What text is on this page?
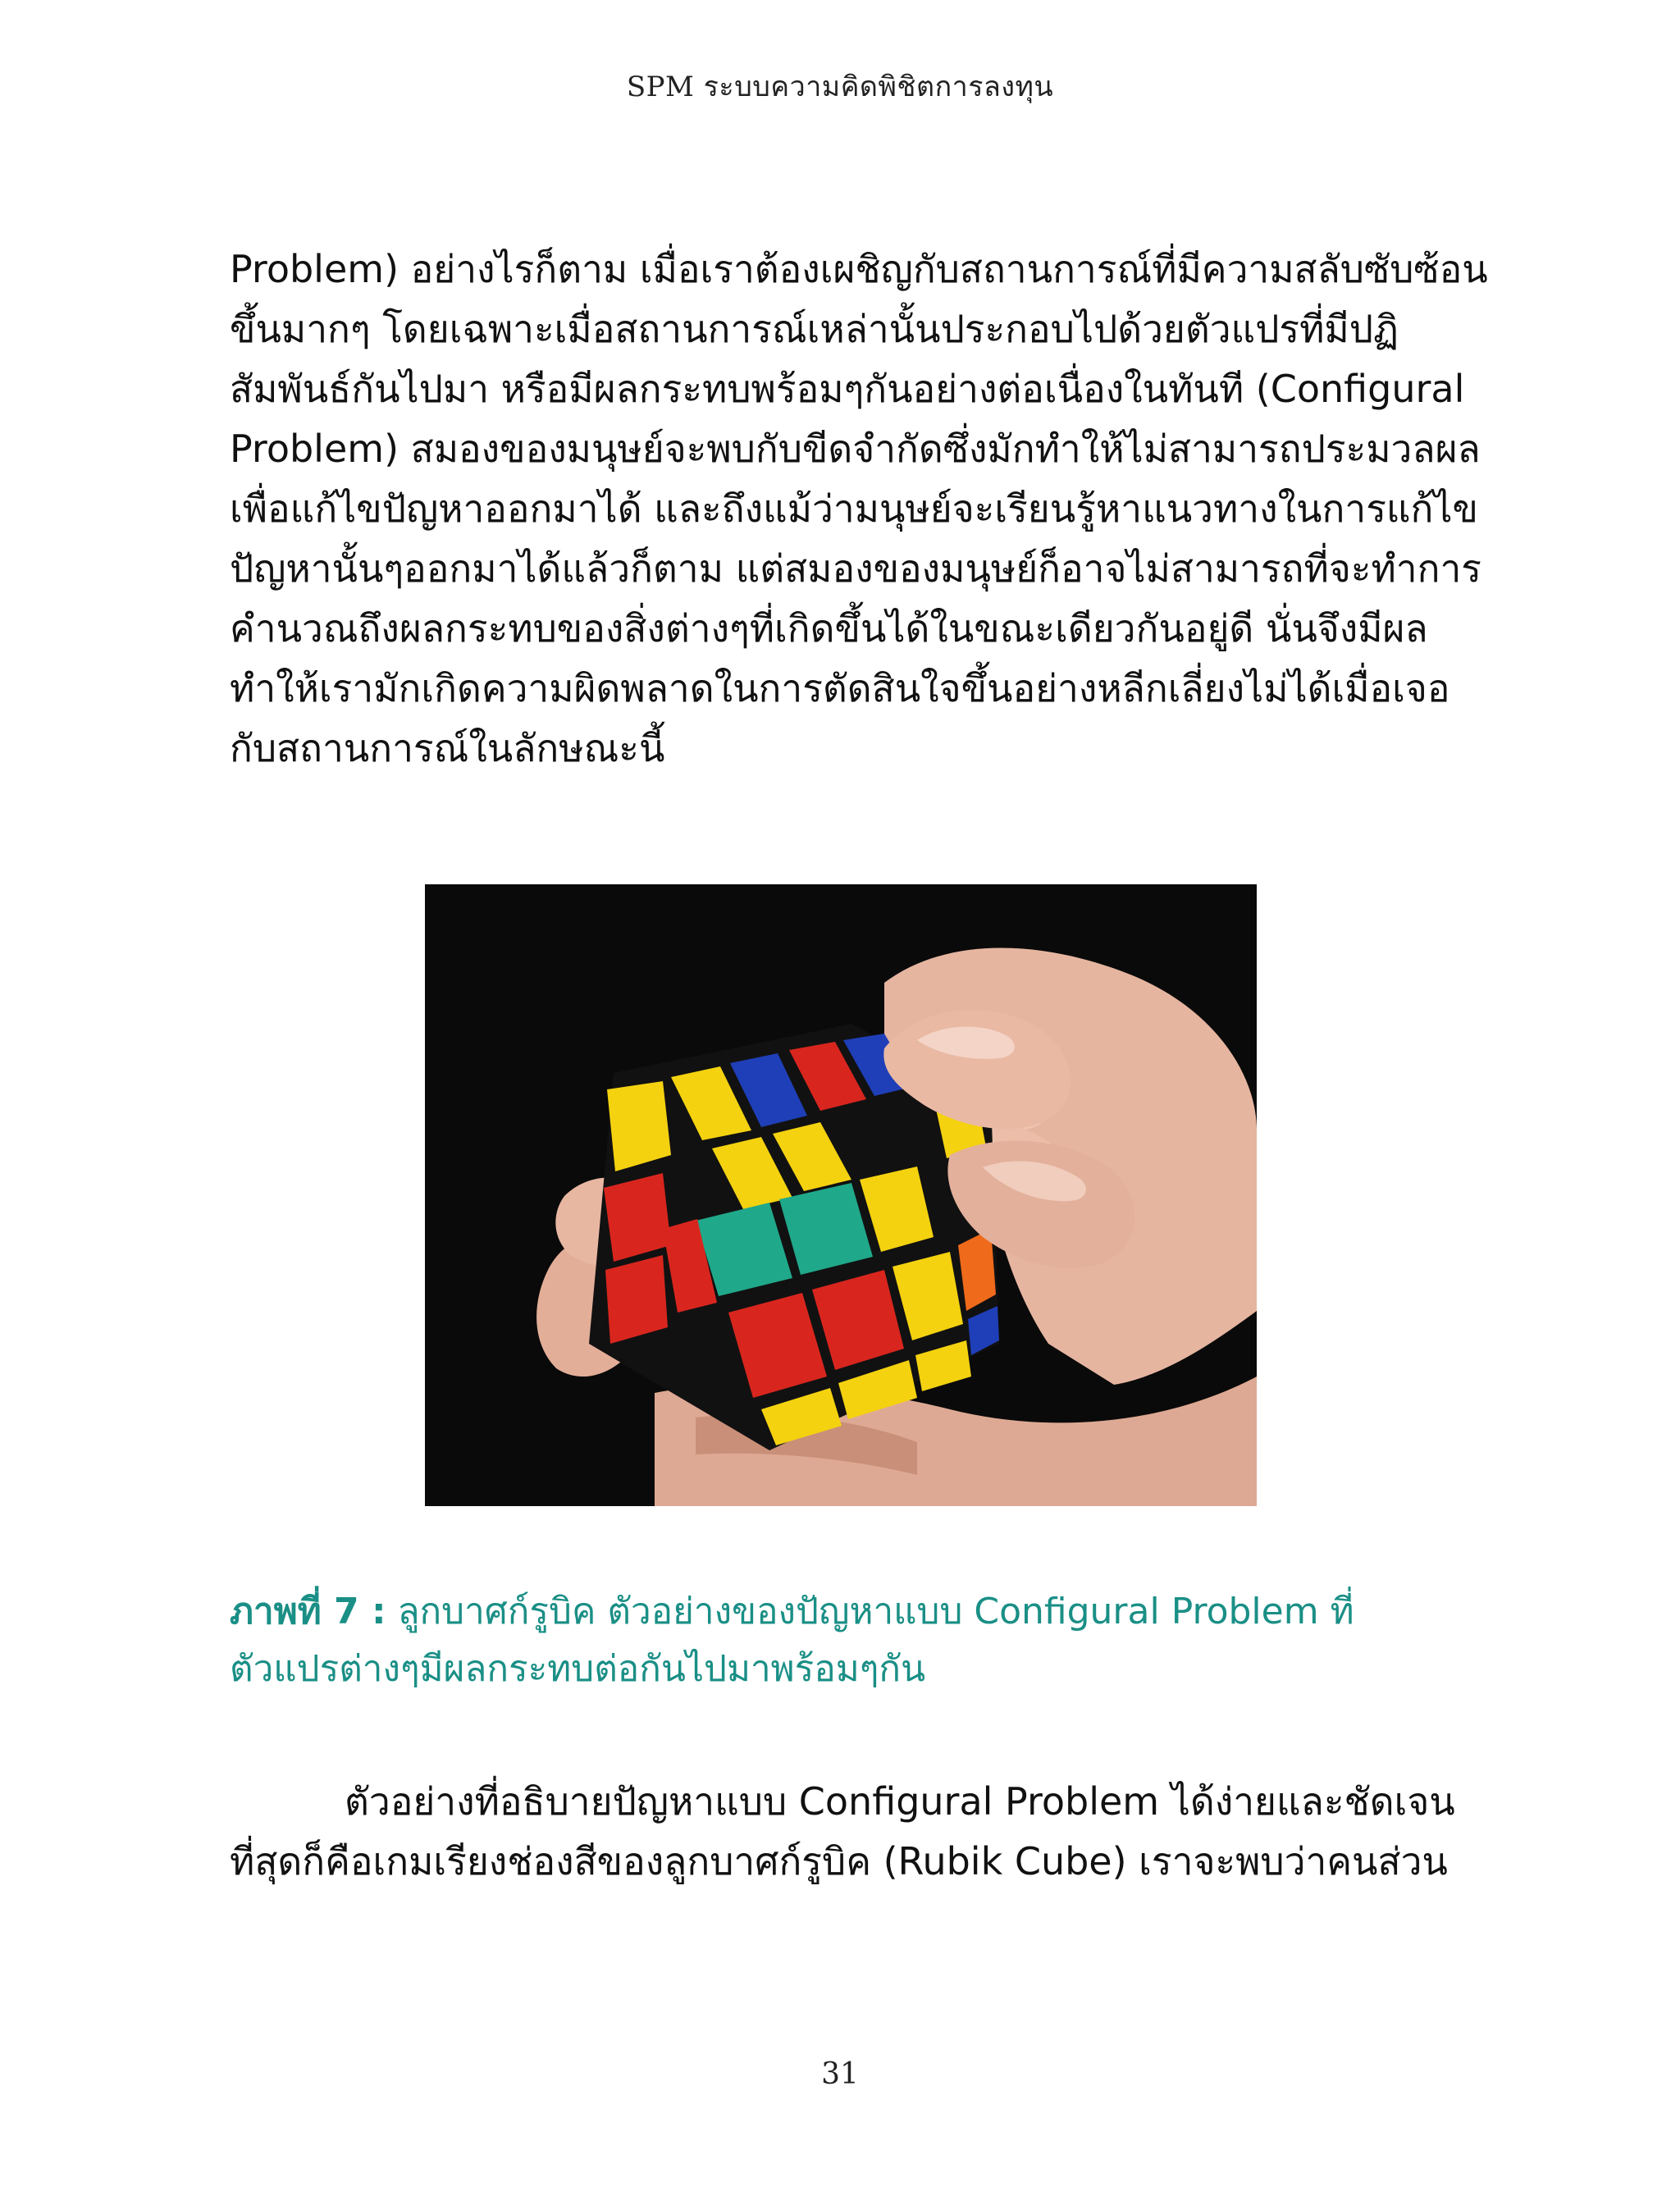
SPM ระบบความคิดพิชิตการลงทุน
Problem) อย่างไรก็ตาม เมื่อเราต้องเผชิญกับสถานการณ์ที่มีความสลับซับซ้อน
ขึ้นมากๆ โดยเฉพาะเมื่อสถานการณ์เหล่านั้นประกอบไปด้วยตัวแปรที่มีปฏิ
สัมพันธ์กันไปมา หรือมีผลกระทบพร้อมๆกันอย่างต่อเนื่องในทันที (Configural
Problem) สมองของมนุษย์จะพบกับขีดจำกัดซึ่งมักทำให้ไม่สามารถประมวลผล
เพื่อแก้ไขปัญหาออกมาได้ และถึงแม้ว่ามนุษย์จะเรียนรู้หาแนวทางในการแก้ไข
ปัญหานั้นๆออกมาได้แล้วก็ตาม แต่สมองของมนุษย์ก็อาจไม่สามารถที่จะทำการ
คำนวณถึงผลกระทบของสิ่งต่างๆที่เกิดขึ้นได้ในขณะเดียวกันอยู่ดี นั่นจึงมีผล
ทำให้เรามักเกิดความผิดพลาดในการตัดสินใจขึ้นอย่างหลีกเลี่ยงไม่ได้เมื่อเจอ
กับสถานการณ์ในลักษณะนี้
ภาพที่ 7 : ลูกบาศก์รูบิค ตัวอย่างของปัญหาแบบ Configural Problem ที่
ตัวแปรต่างๆมีผลกระทบต่อกันไปมาพร้อมๆกัน
ตัวอย่างที่อธิบายปัญหาแบบ Configural Problem ได้ง่ายและชัดเจน
ที่สุดก็คือเกมเรียงช่องสีของลูกบาศก์รูบิค (Rubik Cube) เราจะพบว่าคนส่วน
31
